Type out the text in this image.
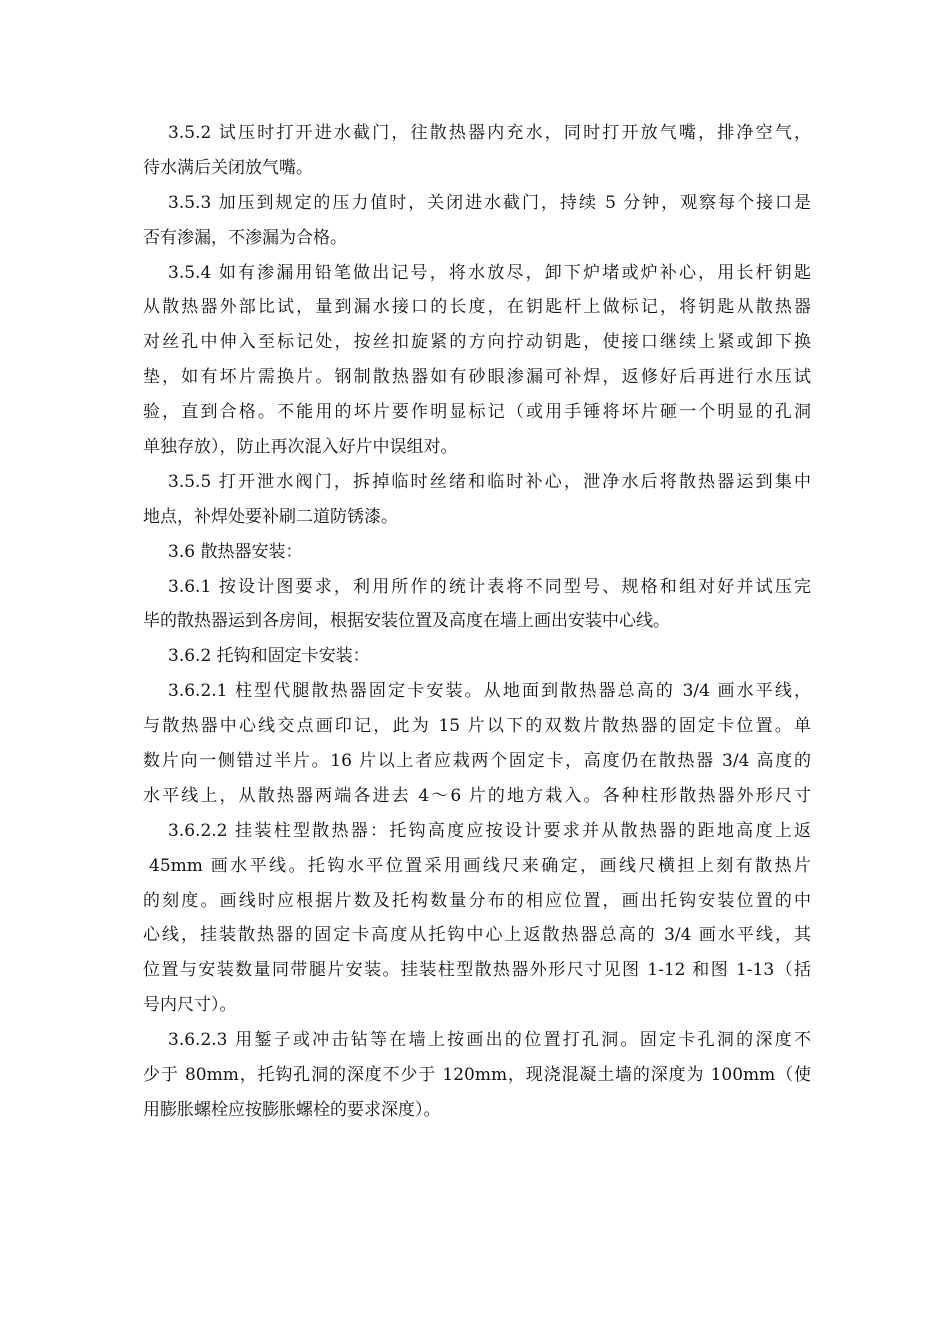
3.5.2 试压时打开进水截门，往散热器内充水，同时打开放气嘴，排净空气，
待水满后关闭放气嘴。
3.5.3 加压到规定的压力值时，关闭进水截门，持续 5 分钟，观察每个接口是
否有渗漏，不渗漏为合格。
3.5.4 如有渗漏用铅笔做出记号，将水放尽，卸下炉堵或炉补心，用长杆钥匙
从散热器外部比试，量到漏水接口的长度，在钥匙杆上做标记，将钥匙从散热器
对丝孔中伸入至标记处，按丝扣旋紧的方向拧动钥匙，使接口继续上紧或卸下换
垫，如有坏片需换片。钢制散热器如有砂眼渗漏可补焊，返修好后再进行水压试
验，直到合格。不能用的坏片要作明显标记（或用手锤将坏片砸一个明显的孔洞
单独存放），防止再次混入好片中误组对。
3.5.5 打开泄水阀门，拆掉临时丝绪和临时补心，泄净水后将散热器运到集中
地点，补焊处要补刷二道防锈漆。
3.6 散热器安装：
3.6.1 按设计图要求，利用所作的统计表将不同型号、规格和组对好并试压完
毕的散热器运到各房间，根据安装位置及高度在墙上画出安装中心线。
3.6.2 托钩和固定卡安装：
3.6.2.1 柱型代腿散热器固定卡安装。从地面到散热器总高的 3/4 画水平线，
与散热器中心线交点画印记，此为 15 片以下的双数片散热器的固定卡位置。单
数片向一侧错过半片。16 片以上者应栽两个固定卡，高度仍在散热器 3/4 高度的
水平线上，从散热器两端各进去 4～6 片的地方栽入。各种柱形散热器外形尺寸
3.6.2.2 挂装柱型散热器：托钩高度应按设计要求并从散热器的距地高度上返
45mm 画水平线。托钩水平位置采用画线尺来确定，画线尺横担上刻有散热片
的刻度。画线时应根据片数及托构数量分布的相应位置，画出托钩安装位置的中
心线，挂装散热器的固定卡高度从托钩中心上返散热器总高的 3/4 画水平线，其
位置与安装数量同带腿片安装。挂装柱型散热器外形尺寸见图 1-12 和图 1-13（括
号内尺寸）。
3.6.2.3 用錾子或冲击钻等在墙上按画出的位置打孔洞。固定卡孔洞的深度不
少于 80mm，托钩孔洞的深度不少于 120mm，现浇混凝土墙的深度为 100mm（使
用膨胀螺栓应按膨胀螺栓的要求深度）。
